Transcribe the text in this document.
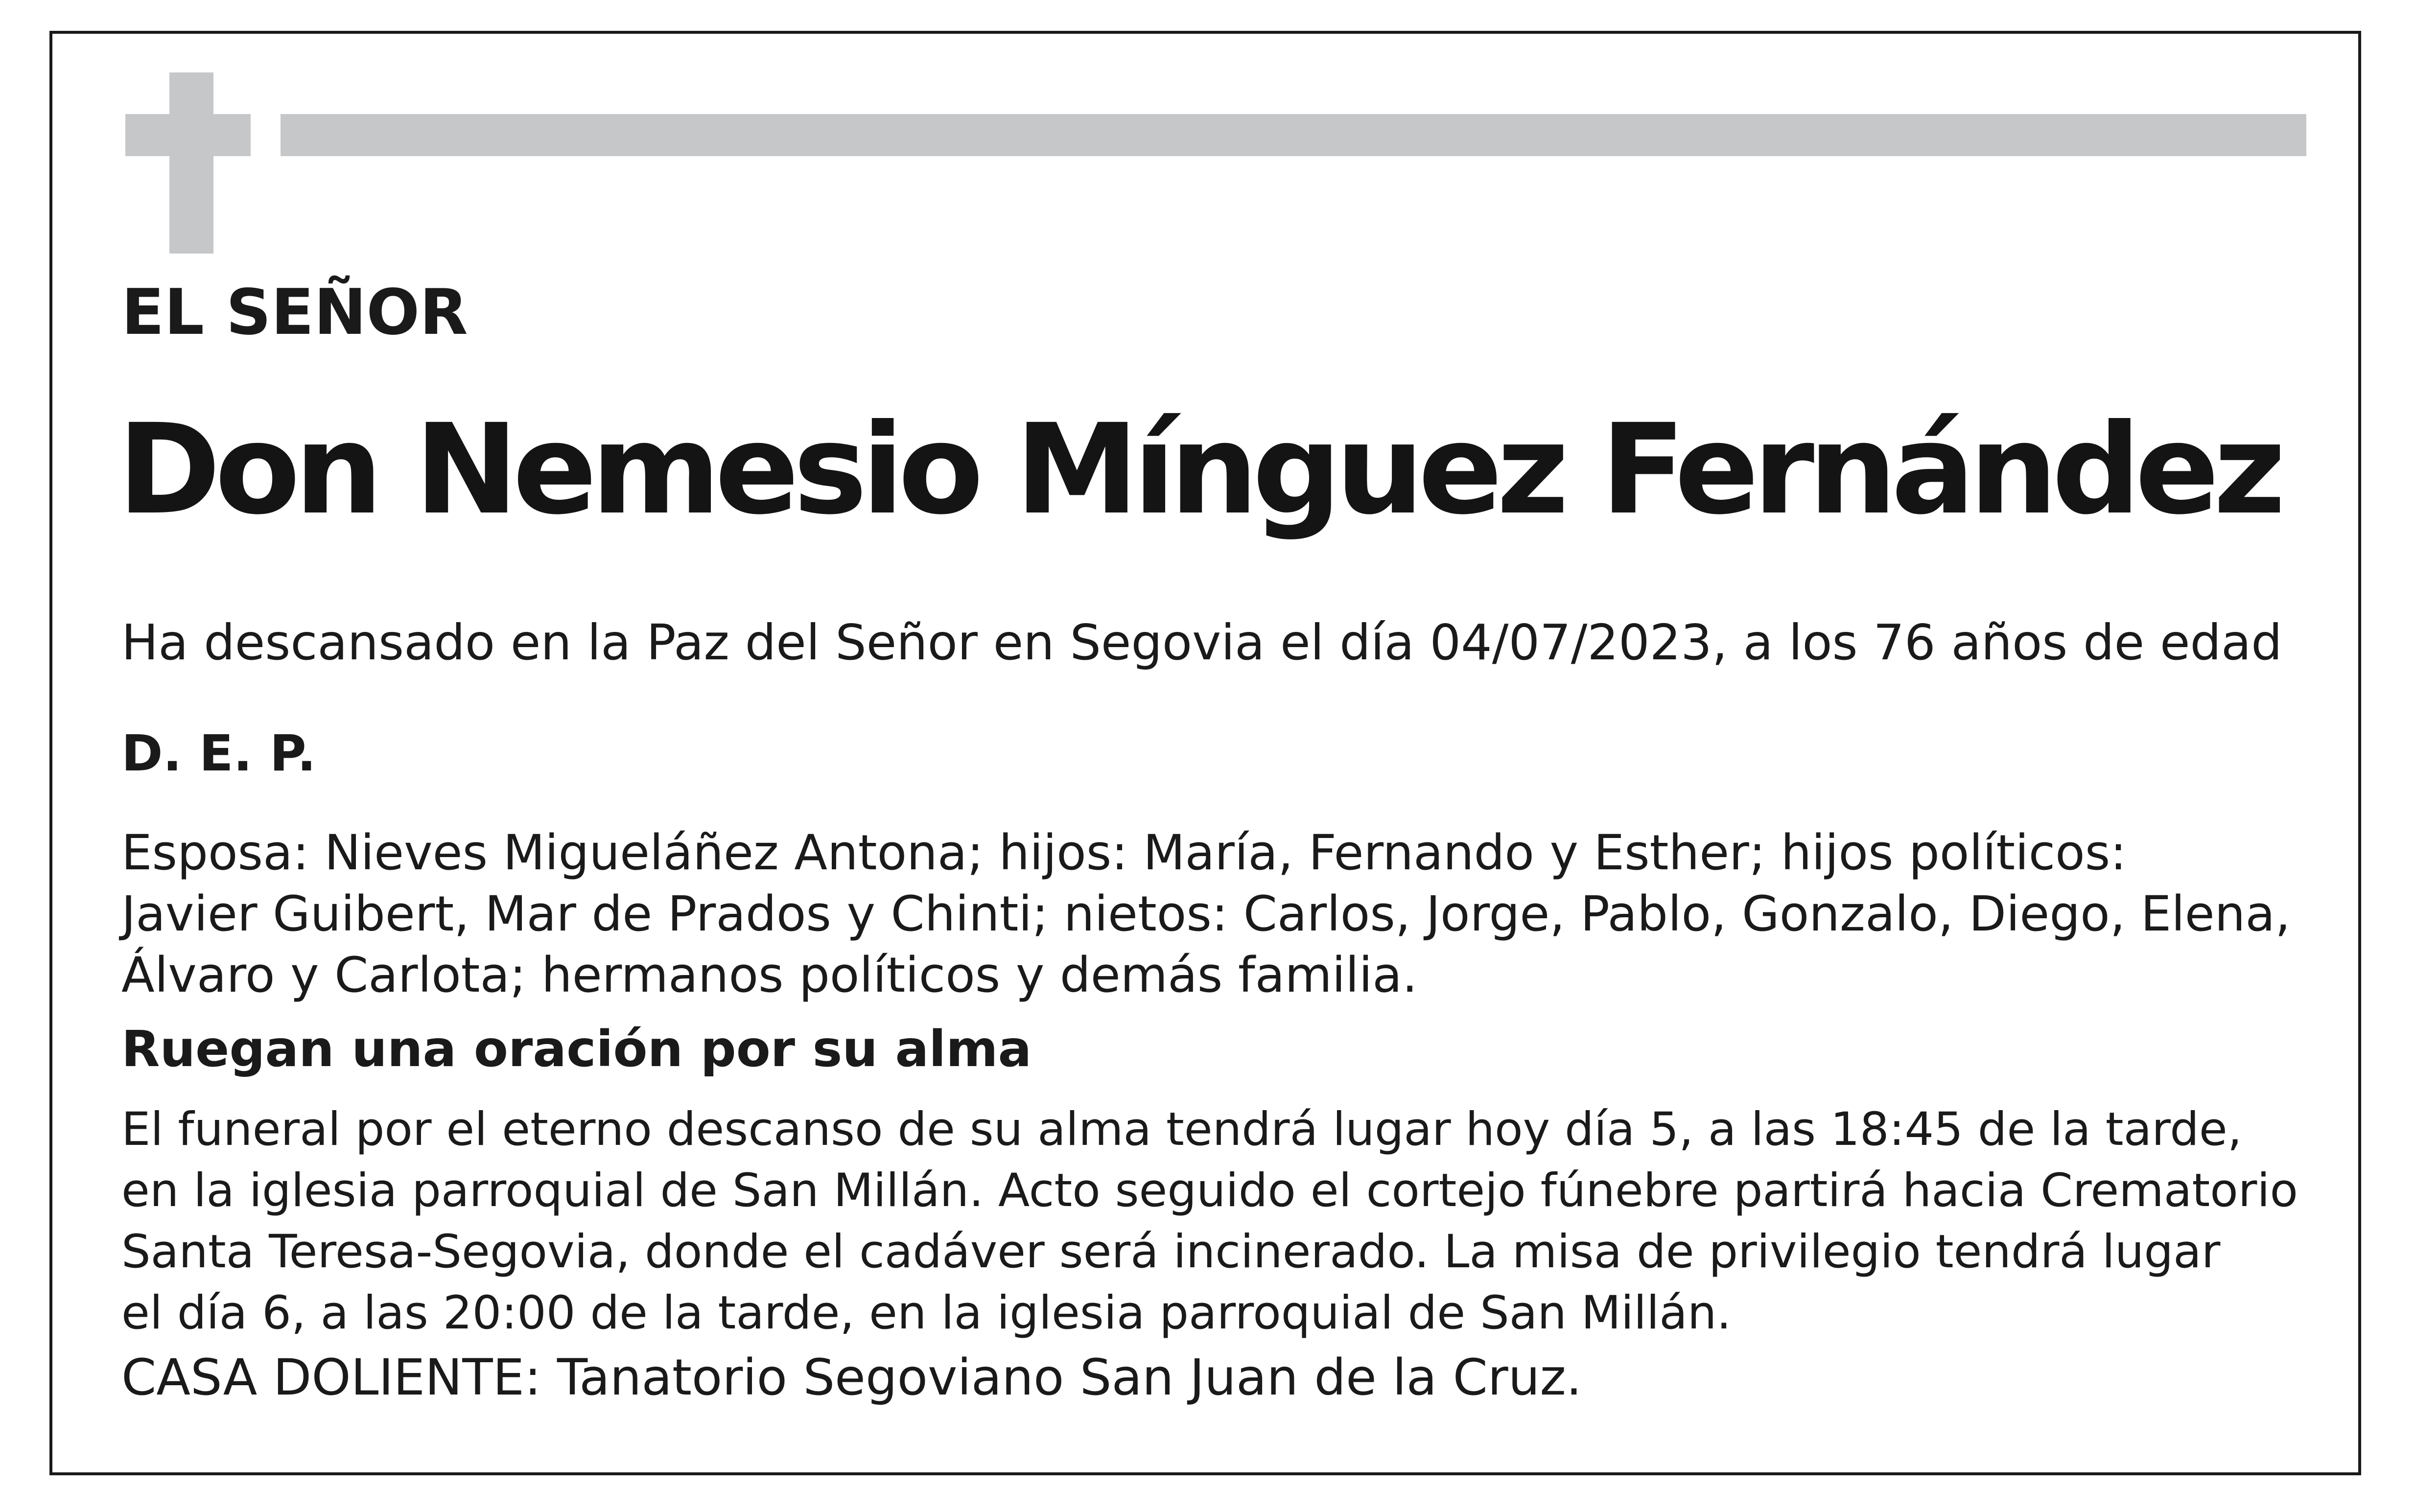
EL SEÑOR

Don Nemesio Mínguez Fernández

Ha descansado en la Paz del Señor en Segovia el día 04/07/2023, a los 76 años de edad

D. E. P.

Esposa: Nieves Migueláñez Antona; hijos: María, Fernando y Esther; hijos políticos:
Javier Guibert, Mar de Prados y Chinti; nietos: Carlos, Jorge, Pablo, Gonzalo, Diego, Elena,
Álvaro y Carlota; hermanos políticos y demás familia.

Ruegan una oración por su alma

El funeral por el eterno descanso de su alma tendrá lugar hoy día 5, a las 18:45 de la tarde,
en la iglesia parroquial de San Millán. Acto seguido el cortejo fúnebre partirá hacia Crematorio
Santa Teresa-Segovia, donde el cadáver será incinerado. La misa de privilegio tendrá lugar
el día 6, a las 20:00 de la tarde, en la iglesia parroquial de San Millán.

CASA DOLIENTE: Tanatorio Segoviano San Juan de la Cruz.
